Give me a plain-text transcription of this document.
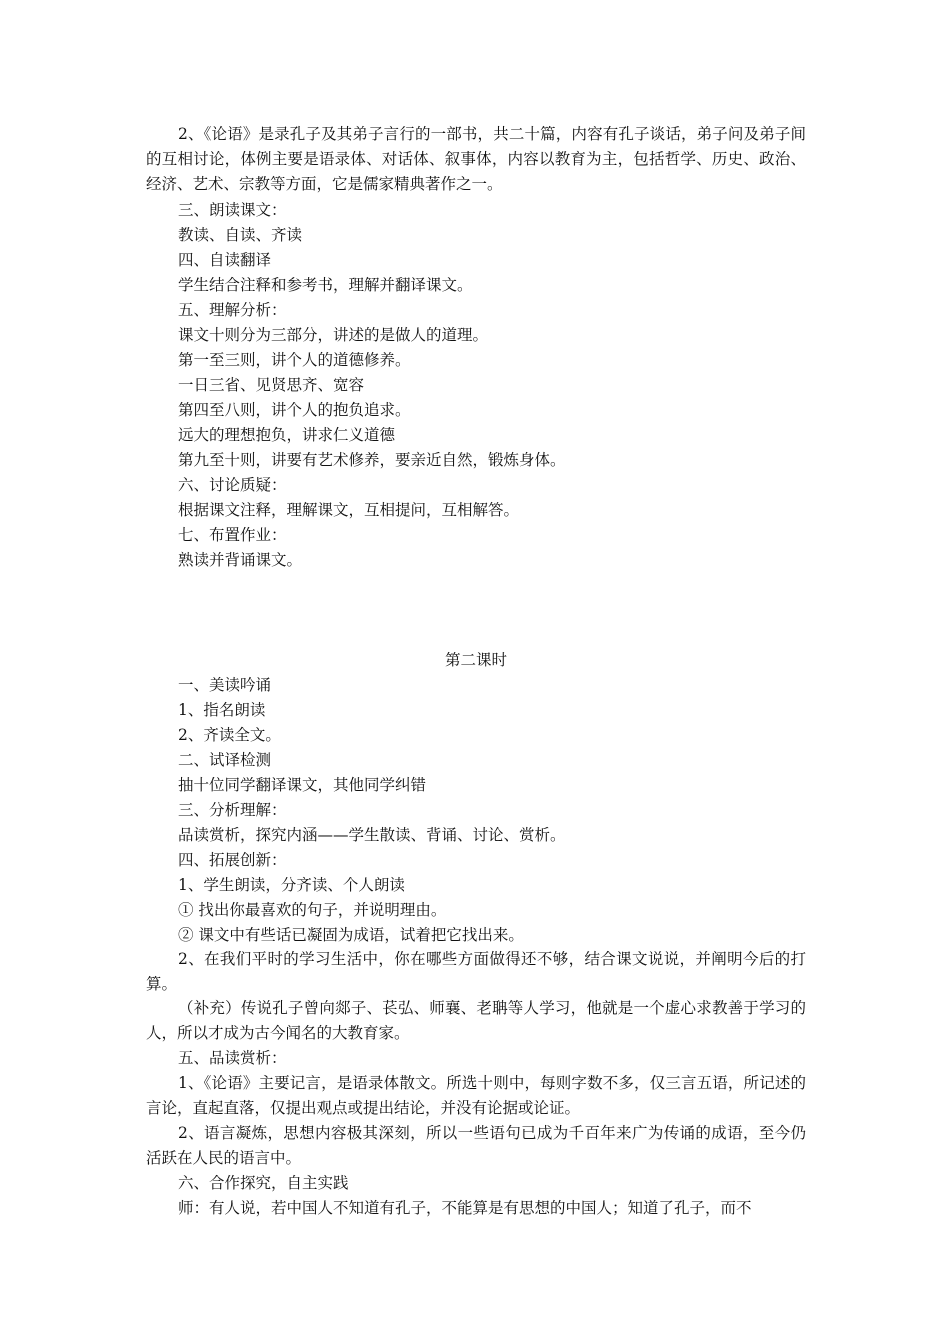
2、《论语》是录孔子及其弟子言行的一部书，共二十篇，内容有孔子谈话，弟子问及弟子间的互相讨论，体例主要是语录体、对话体、叙事体，内容以教育为主，包括哲学、历史、政治、经济、艺术、宗教等方面，它是儒家精典著作之一。
三、朗读课文：
教读、自读、齐读
四、自读翻译
学生结合注释和参考书，理解并翻译课文。
五、理解分析：
课文十则分为三部分，讲述的是做人的道理。
第一至三则，讲个人的道德修养。
一日三省、见贤思齐、宽容
第四至八则，讲个人的抱负追求。
远大的理想抱负，讲求仁义道德
第九至十则，讲要有艺术修养，要亲近自然，锻炼身体。
六、讨论质疑：
根据课文注释，理解课文，互相提问，互相解答。
七、布置作业：
熟读并背诵课文。
第二课时
一、美读吟诵
1、指名朗读
2、齐读全文。
二、试译检测
抽十位同学翻译课文，其他同学纠错
三、分析理解：
品读赏析，探究内涵——学生散读、背诵、讨论、赏析。
四、拓展创新：
1、学生朗读，分齐读、个人朗读
① 找出你最喜欢的句子，并说明理由。
② 课文中有些话已凝固为成语，试着把它找出来。
2、在我们平时的学习生活中，你在哪些方面做得还不够，结合课文说说，并阐明今后的打算。
（补充）传说孔子曾向郯子、苌弘、师襄、老聃等人学习，他就是一个虚心求教善于学习的人，所以才成为古今闻名的大教育家。
五、品读赏析：
1、《论语》主要记言，是语录体散文。所选十则中，每则字数不多，仅三言五语，所记述的言论，直起直落，仅提出观点或提出结论，并没有论据或论证。
2、语言凝炼，思想内容极其深刻，所以一些语句已成为千百年来广为传诵的成语，至今仍活跃在人民的语言中。
六、合作探究，自主实践
师：有人说，若中国人不知道有孔子，不能算是有思想的中国人；知道了孔子，而不
